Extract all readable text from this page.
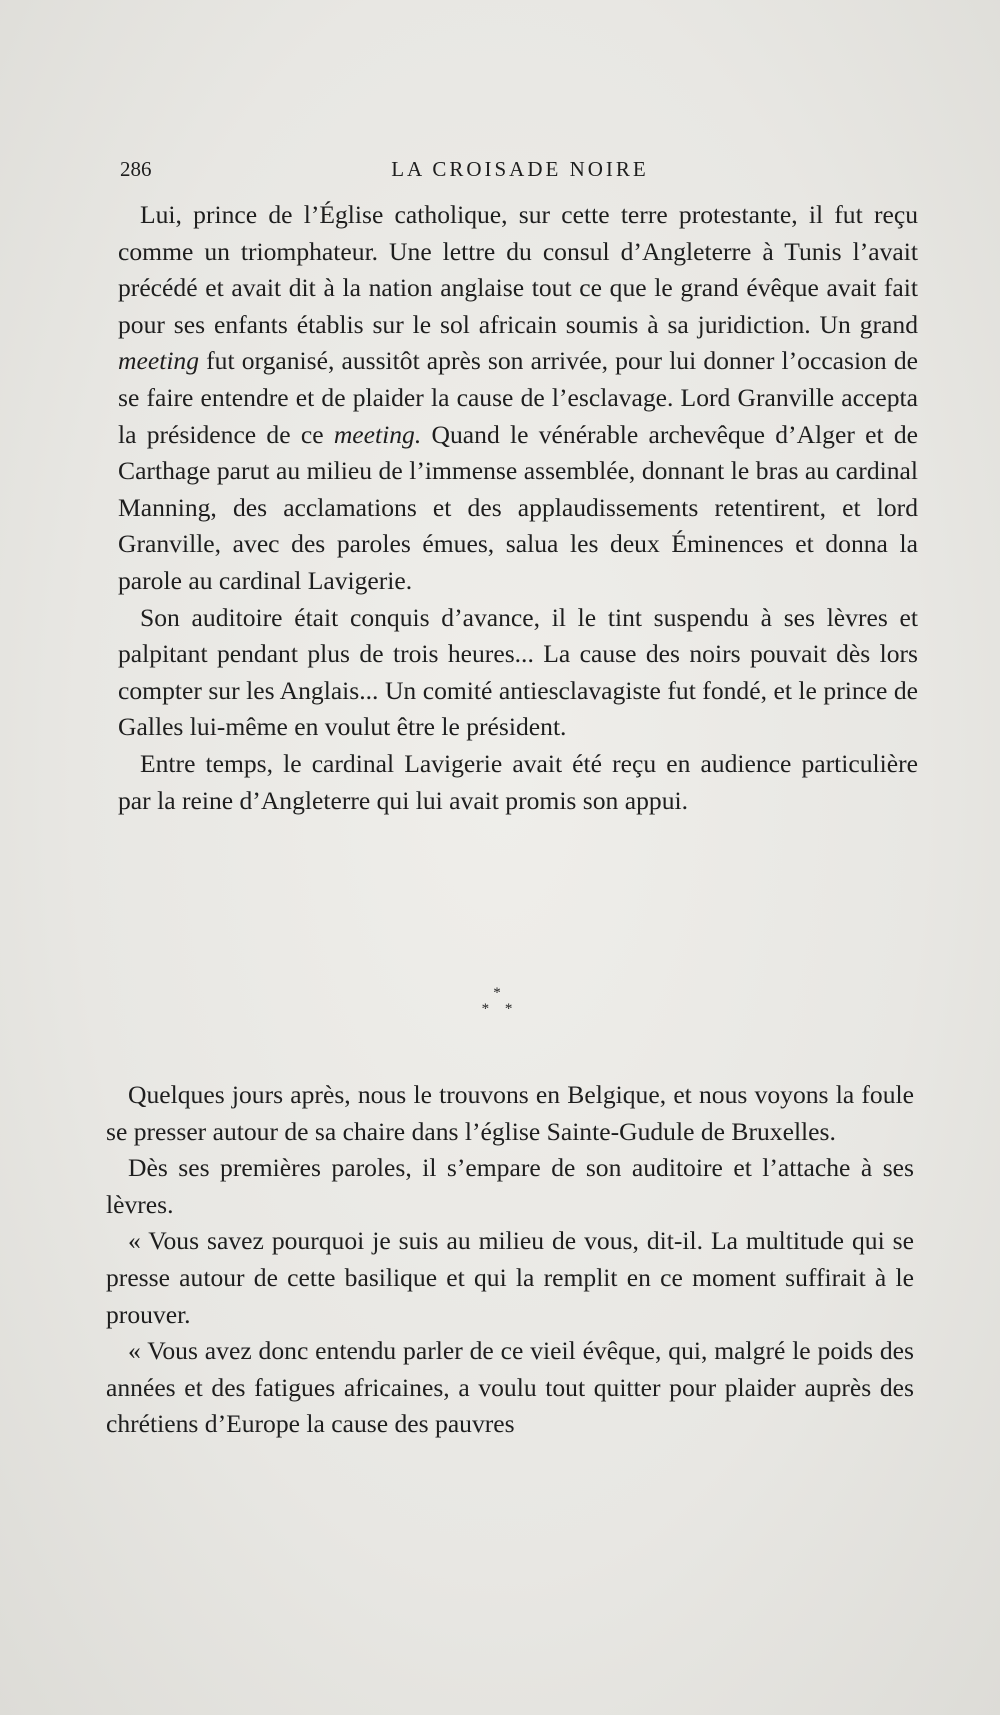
286	LA CROISADE NOIRE

Lui, prince de l’Église catholique, sur cette terre protestante, il fut reçu comme un triomphateur. Une lettre du consul d’Angleterre à Tunis l’avait précédé et avait dit à la nation anglaise tout ce que le grand évêque avait fait pour ses enfants établis sur le sol africain soumis à sa juridiction. Un grand meeting fut organisé, aussitôt après son arrivée, pour lui donner l’occasion de se faire entendre et de plaider la cause de l’esclavage. Lord Granville accepta la présidence de ce meeting. Quand le vénérable archevêque d’Alger et de Carthage parut au milieu de l’immense assemblée, donnant le bras au cardinal Manning, des acclamations et des applaudissements retentirent, et lord Granville, avec des paroles émues, salua les deux Éminences et donna la parole au cardinal Lavigerie.

Son auditoire était conquis d’avance, il le tint suspendu à ses lèvres et palpitant pendant plus de trois heures... La cause des noirs pouvait dès lors compter sur les Anglais... Un comité antiesclavagiste fut fondé, et le prince de Galles lui-même en voulut être le président.

Entre temps, le cardinal Lavigerie avait été reçu en audience particulière par la reine d’Angleterre qui lui avait promis son appui.

*
* *

Quelques jours après, nous le trouvons en Belgique, et nous voyons la foule se presser autour de sa chaire dans l’église Sainte-Gudule de Bruxelles.

Dès ses premières paroles, il s’empare de son auditoire et l’attache à ses lèvres.

« Vous savez pourquoi je suis au milieu de vous, dit-il. La multitude qui se presse autour de cette basilique et qui la remplit en ce moment suffirait à le prouver.

« Vous avez donc entendu parler de ce vieil évêque, qui, malgré le poids des années et des fatigues africaines, a voulu tout quitter pour plaider auprès des chrétiens d’Europe la cause des pauvres
